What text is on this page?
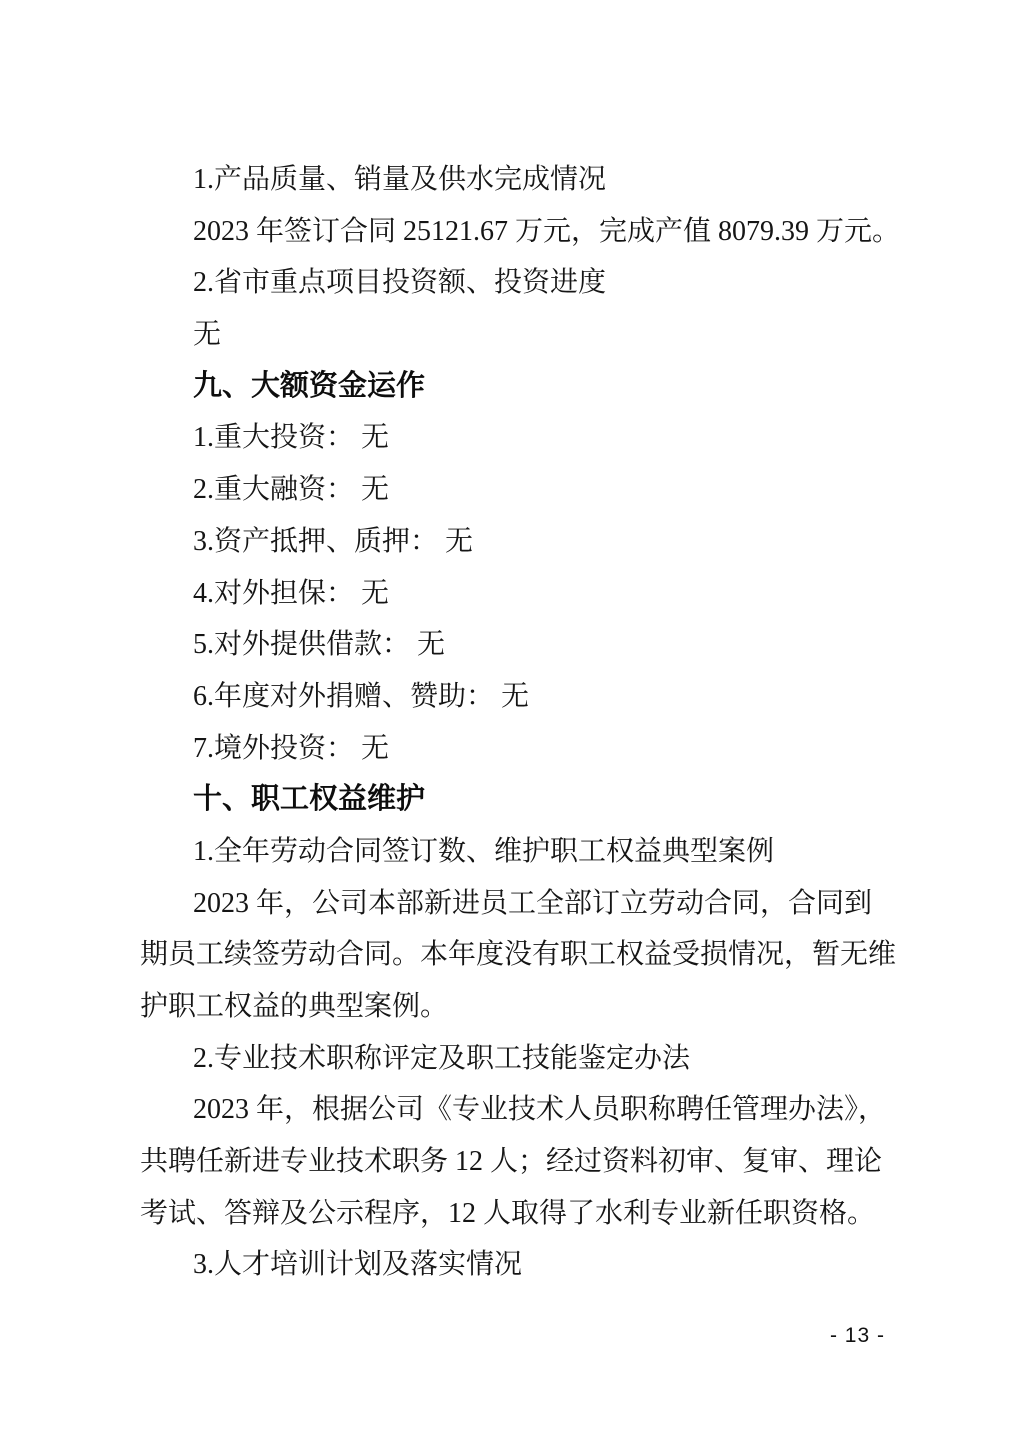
1.产品质量、销量及供水完成情况
2023 年签订合同 25121.67 万元，完成产值 8079.39 万元。
2.省市重点项目投资额、投资进度
无
九、大额资金运作
1.重大投资： 无
2.重大融资： 无
3.资产抵押、质押： 无
4.对外担保： 无
5.对外提供借款： 无
6.年度对外捐赠、赞助： 无
7.境外投资： 无
十、职工权益维护
1.全年劳动合同签订数、维护职工权益典型案例
2023 年，公司本部新进员工全部订立劳动合同，合同到
期员工续签劳动合同。本年度没有职工权益受损情况，暂无维
护职工权益的典型案例。
2.专业技术职称评定及职工技能鉴定办法
2023 年，根据公司《专业技术人员职称聘任管理办法》，
共聘任新进专业技术职务 12 人；经过资料初审、复审、理论
考试、答辩及公示程序，12 人取得了水利专业新任职资格。
3.人才培训计划及落实情况
- 13 -
